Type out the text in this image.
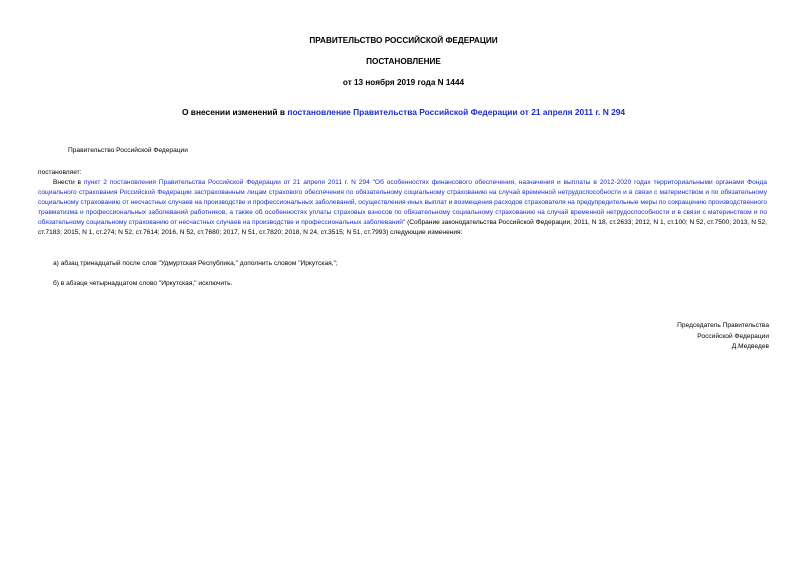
ПРАВИТЕЛЬСТВО РОССИЙСКОЙ ФЕДЕРАЦИИ
ПОСТАНОВЛЕНИЕ
от 13 ноября 2019 года N 1444
О внесении изменений в постановление Правительства Российской Федерации от 21 апреля 2011 г. N 294
Правительство Российской Федерации
постановляет:
Внести в пункт 2 постановления Правительства Российской Федерации от 21 апреля 2011 г. N 294 "Об особенностях финансового обеспечения, назначения и выплаты в 2012-2020 годах территориальными органами Фонда социального страхования Российской Федерации застрахованным лицам страхового обеспечения по обязательному социальному страхованию на случай временной нетрудоспособности и в связи с материнством и по обязательному социальному страхованию от несчастных случаев на производстве и профессиональных заболеваний, осуществления иных выплат и возмещения расходов страхователя на предупредительные меры по сокращению производственного травматизма и профессиональных заболеваний работников, а также об особенностях уплаты страховых взносов по обязательному социальному страхованию на случай временной нетрудоспособности и в связи с материнством и по обязательному социальному страхованию от несчастных случаев на производстве и профессиональных заболеваний" (Собрание законодательства Российской Федерации, 2011, N 18, ст.2633; 2012, N 1, ст.100; N 52, ст.7500; 2013, N 52, ст.7183; 2015, N 1, ст.274; N 52, ст.7614; 2016, N 52, ст.7680; 2017, N 51, ст.7820; 2018, N 24, ст.3515; N 51, ст.7993) следующие изменения:
а) абзац тринадцатый после слов "Удмуртская Республика," дополнить словом "Иркутская,";
б) в абзаце четырнадцатом слово "Иркутская," исключить.
Председатель Правительства
Российской Федерации
Д.Медведев
